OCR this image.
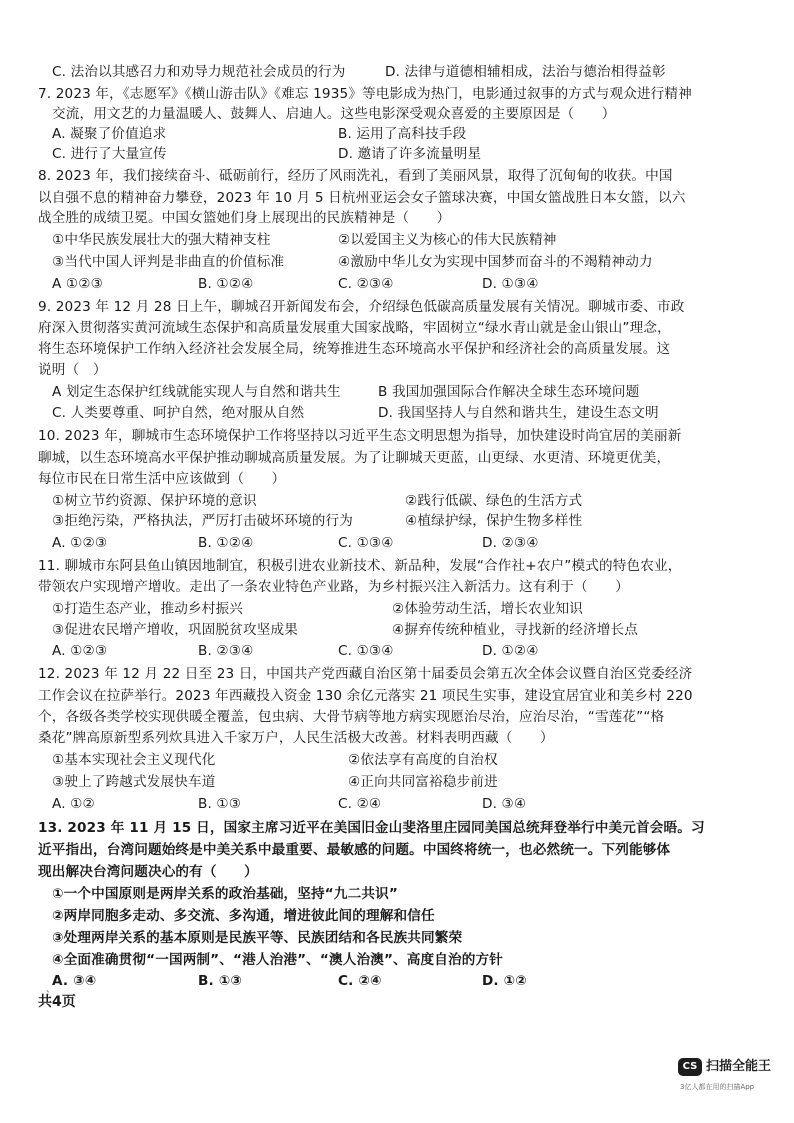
C. 法治以其感召力和劝导力规范社会成员的行为	D. 法律与道德相辅相成，法治与德治相得益彰
7. 2023 年，《志愿军》《横山游击队》《难忘 1935》等电影成为热门，电影通过叙事的方式与观众进行精神
交流，用文艺的力量温暖人、鼓舞人、启迪人。这些电影深受观众喜爱的主要原因是（　　）
A. 凝聚了价值追求	B. 运用了高科技手段
C. 进行了大量宣传	D. 邀请了许多流量明星
8. 2023 年，我们接续奋斗、砥砺前行，经历了风雨洗礼，看到了美丽风景，取得了沉甸甸的收获。中国
以自强不息的精神奋力攀登，2023 年 10 月 5 日杭州亚运会女子篮球决赛，中国女篮战胜日本女篮，以六
战全胜的成绩卫冕。中国女篮她们身上展现出的民族精神是（　　）
①中华民族发展壮大的强大精神支柱	②以爱国主义为核心的伟大民族精神
③当代中国人评判是非曲直的价值标准	④激励中华儿女为实现中国梦而奋斗的不竭精神动力
A ①②③	B. ①②④	C. ②③④	D. ①③④
9. 2023 年 12 月 28 日上午，聊城召开新闻发布会，介绍绿色低碳高质量发展有关情况。聊城市委、市政
府深入贯彻落实黄河流域生态保护和高质量发展重大国家战略，牢固树立“绿水青山就是金山银山”理念，
将生态环境保护工作纳入经济社会发展全局，统筹推进生态环境高水平保护和经济社会的高质量发展。这
说明（　）
A 划定生态保护红线就能实现人与自然和谐共生	B 我国加强国际合作解决全球生态环境问题
C. 人类要尊重、呵护自然，绝对服从自然	D. 我国坚持人与自然和谐共生，建设生态文明
10. 2023 年，聊城市生态环境保护工作将坚持以习近平生态文明思想为指导，加快建设时尚宜居的美丽新
聊城，以生态环境高水平保护推动聊城高质量发展。为了让聊城天更蓝，山更绿、水更清、环境更优美，
每位市民在日常生活中应该做到（　　）
①树立节约资源、保护环境的意识	②践行低碳、绿色的生活方式
③拒绝污染，严格执法，严厉打击破坏环境的行为	④植绿护绿，保护生物多样性
A. ①②③	B. ①②④	C. ①③④	D. ②③④
11. 聊城市东阿县鱼山镇因地制宜，积极引进农业新技术、新品种，发展“合作社+农户”模式的特色农业，
带领农户实现增产增收。走出了一条农业特色产业路，为乡村振兴注入新活力。这有利于（　　）
①打造生态产业，推动乡村振兴	②体验劳动生活，增长农业知识
③促进农民增产增收，巩固脱贫攻坚成果	④摒弃传统种植业，寻找新的经济增长点
A. ①②③	B. ②③④	C. ①③④	D. ①②④
12. 2023 年 12 月 22 日至 23 日，中国共产党西藏自治区第十届委员会第五次全体会议暨自治区党委经济
工作会议在拉萨举行。2023 年西藏投入资金 130 余亿元落实 21 项民生实事，建设宜居宜业和美乡村 220
个，各级各类学校实现供暖全覆盖，包虫病、大骨节病等地方病实现愿治尽治，应治尽治，“雪莲花”“格
桑花”牌高原新型系列炊具进入千家万户，人民生活极大改善。材料表明西藏（　　）
①基本实现社会主义现代化	②依法享有高度的自治权
③驶上了跨越式发展快车道	④正向共同富裕稳步前进
A. ①②	B. ①③	C. ②④	D. ③④
13. 2023 年 11 月 15 日，国家主席习近平在美国旧金山斐洛里庄园同美国总统拜登举行中美元首会晤。习
近平指出，台湾问题始终是中美关系中最重要、最敏感的问题。中国终将统一，也必然统一。下列能够体
现出解决台湾问题决心的有（　　）
①一个中国原则是两岸关系的政治基础，坚持“九二共识”
②两岸同胞多走动、多交流、多沟通，增进彼此间的理解和信任
③处理两岸关系的基本原则是民族平等、民族团结和各民族共同繁荣
④全面准确贯彻“一国两制”、“港人治港”、“澳人治澳”、高度自治的方针
A. ③④	B. ①③	C. ②④	D. ①②
､
共4页
CS 扫描全能王
3亿人都在用的扫描App
